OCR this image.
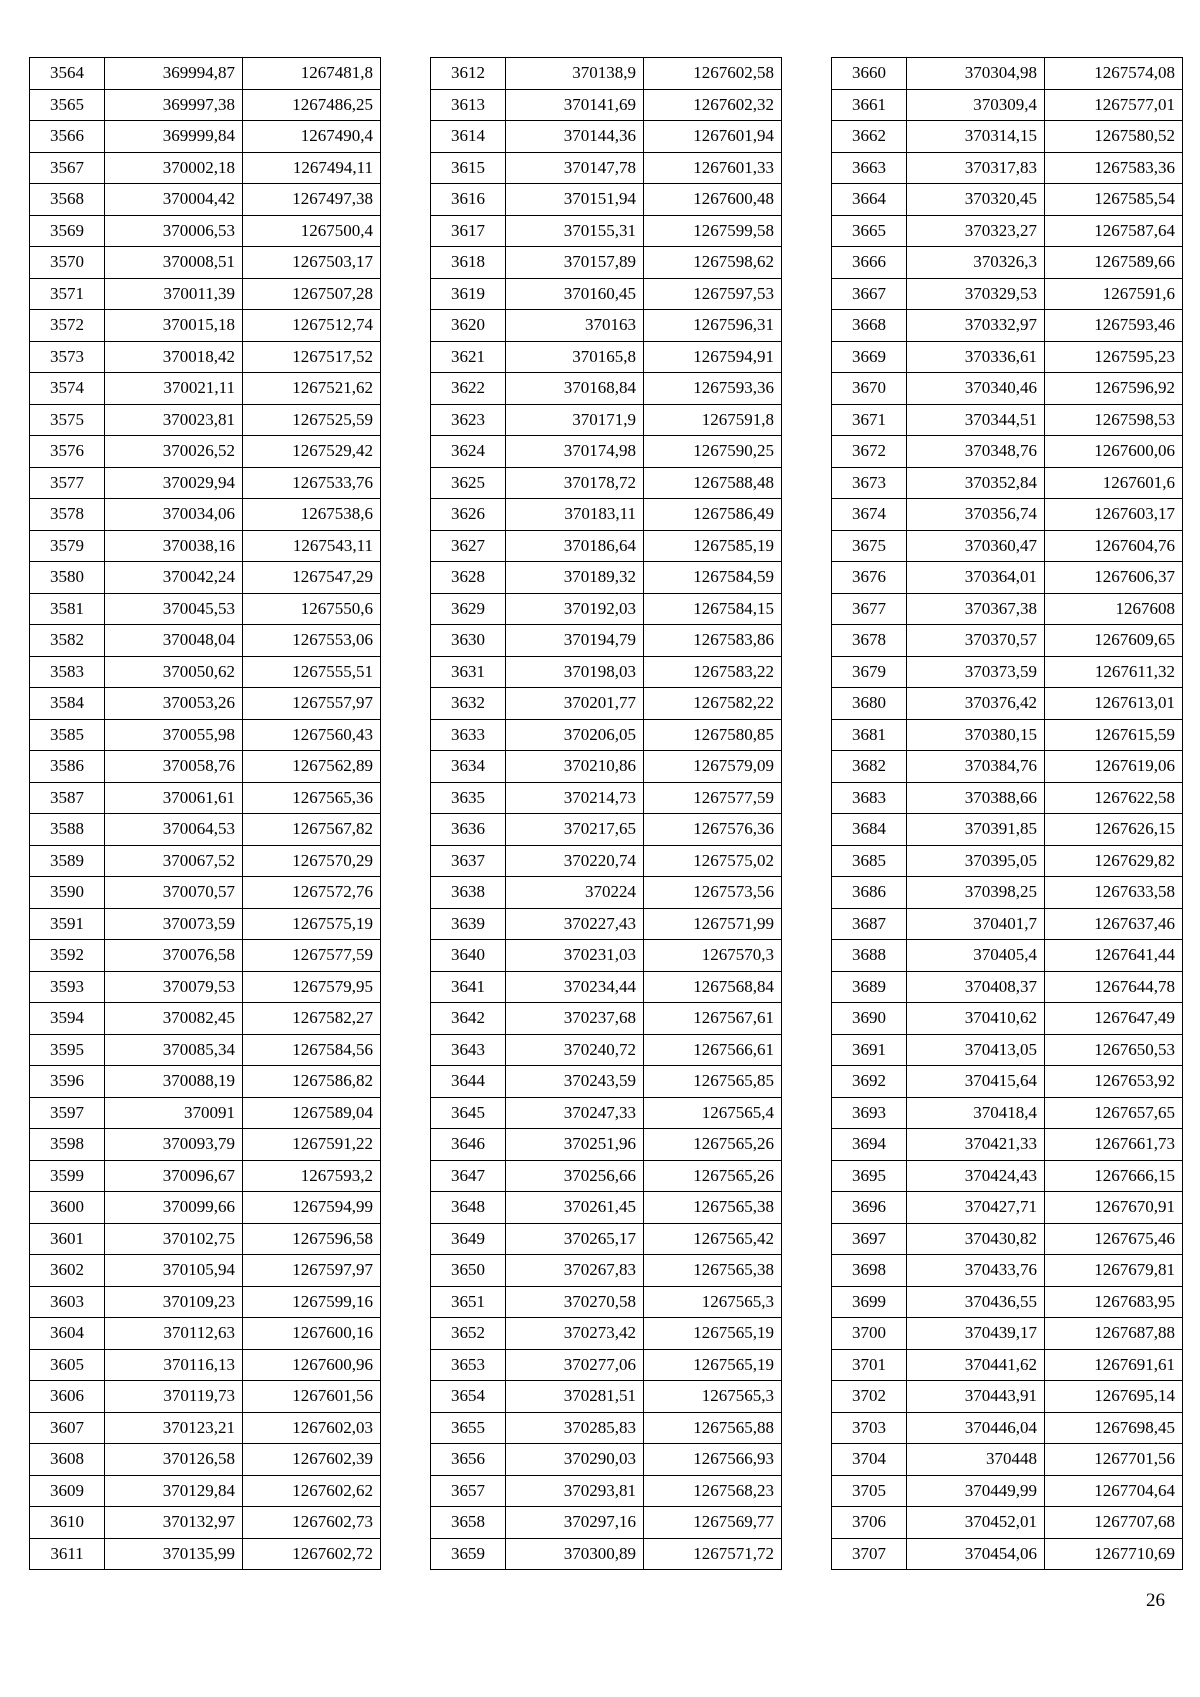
3564	369994,87	1267481,8
3565	369997,38	1267486,25
3566	369999,84	1267490,4
3567	370002,18	1267494,11
3568	370004,42	1267497,38
3569	370006,53	1267500,4
3570	370008,51	1267503,17
3571	370011,39	1267507,28
3572	370015,18	1267512,74
3573	370018,42	1267517,52
3574	370021,11	1267521,62
3575	370023,81	1267525,59
3576	370026,52	1267529,42
3577	370029,94	1267533,76
3578	370034,06	1267538,6
3579	370038,16	1267543,11
3580	370042,24	1267547,29
3581	370045,53	1267550,6
3582	370048,04	1267553,06
3583	370050,62	1267555,51
3584	370053,26	1267557,97
3585	370055,98	1267560,43
3586	370058,76	1267562,89
3587	370061,61	1267565,36
3588	370064,53	1267567,82
3589	370067,52	1267570,29
3590	370070,57	1267572,76
3591	370073,59	1267575,19
3592	370076,58	1267577,59
3593	370079,53	1267579,95
3594	370082,45	1267582,27
3595	370085,34	1267584,56
3596	370088,19	1267586,82
3597	370091	1267589,04
3598	370093,79	1267591,22
3599	370096,67	1267593,2
3600	370099,66	1267594,99
3601	370102,75	1267596,58
3602	370105,94	1267597,97
3603	370109,23	1267599,16
3604	370112,63	1267600,16
3605	370116,13	1267600,96
3606	370119,73	1267601,56
3607	370123,21	1267602,03
3608	370126,58	1267602,39
3609	370129,84	1267602,62
3610	370132,97	1267602,73
3611	370135,99	1267602,72
3612	370138,9	1267602,58
3613	370141,69	1267602,32
3614	370144,36	1267601,94
3615	370147,78	1267601,33
3616	370151,94	1267600,48
3617	370155,31	1267599,58
3618	370157,89	1267598,62
3619	370160,45	1267597,53
3620	370163	1267596,31
3621	370165,8	1267594,91
3622	370168,84	1267593,36
3623	370171,9	1267591,8
3624	370174,98	1267590,25
3625	370178,72	1267588,48
3626	370183,11	1267586,49
3627	370186,64	1267585,19
3628	370189,32	1267584,59
3629	370192,03	1267584,15
3630	370194,79	1267583,86
3631	370198,03	1267583,22
3632	370201,77	1267582,22
3633	370206,05	1267580,85
3634	370210,86	1267579,09
3635	370214,73	1267577,59
3636	370217,65	1267576,36
3637	370220,74	1267575,02
3638	370224	1267573,56
3639	370227,43	1267571,99
3640	370231,03	1267570,3
3641	370234,44	1267568,84
3642	370237,68	1267567,61
3643	370240,72	1267566,61
3644	370243,59	1267565,85
3645	370247,33	1267565,4
3646	370251,96	1267565,26
3647	370256,66	1267565,26
3648	370261,45	1267565,38
3649	370265,17	1267565,42
3650	370267,83	1267565,38
3651	370270,58	1267565,3
3652	370273,42	1267565,19
3653	370277,06	1267565,19
3654	370281,51	1267565,3
3655	370285,83	1267565,88
3656	370290,03	1267566,93
3657	370293,81	1267568,23
3658	370297,16	1267569,77
3659	370300,89	1267571,72
3660	370304,98	1267574,08
3661	370309,4	1267577,01
3662	370314,15	1267580,52
3663	370317,83	1267583,36
3664	370320,45	1267585,54
3665	370323,27	1267587,64
3666	370326,3	1267589,66
3667	370329,53	1267591,6
3668	370332,97	1267593,46
3669	370336,61	1267595,23
3670	370340,46	1267596,92
3671	370344,51	1267598,53
3672	370348,76	1267600,06
3673	370352,84	1267601,6
3674	370356,74	1267603,17
3675	370360,47	1267604,76
3676	370364,01	1267606,37
3677	370367,38	1267608
3678	370370,57	1267609,65
3679	370373,59	1267611,32
3680	370376,42	1267613,01
3681	370380,15	1267615,59
3682	370384,76	1267619,06
3683	370388,66	1267622,58
3684	370391,85	1267626,15
3685	370395,05	1267629,82
3686	370398,25	1267633,58
3687	370401,7	1267637,46
3688	370405,4	1267641,44
3689	370408,37	1267644,78
3690	370410,62	1267647,49
3691	370413,05	1267650,53
3692	370415,64	1267653,92
3693	370418,4	1267657,65
3694	370421,33	1267661,73
3695	370424,43	1267666,15
3696	370427,71	1267670,91
3697	370430,82	1267675,46
3698	370433,76	1267679,81
3699	370436,55	1267683,95
3700	370439,17	1267687,88
3701	370441,62	1267691,61
3702	370443,91	1267695,14
3703	370446,04	1267698,45
3704	370448	1267701,56
3705	370449,99	1267704,64
3706	370452,01	1267707,68
3707	370454,06	1267710,69
26
